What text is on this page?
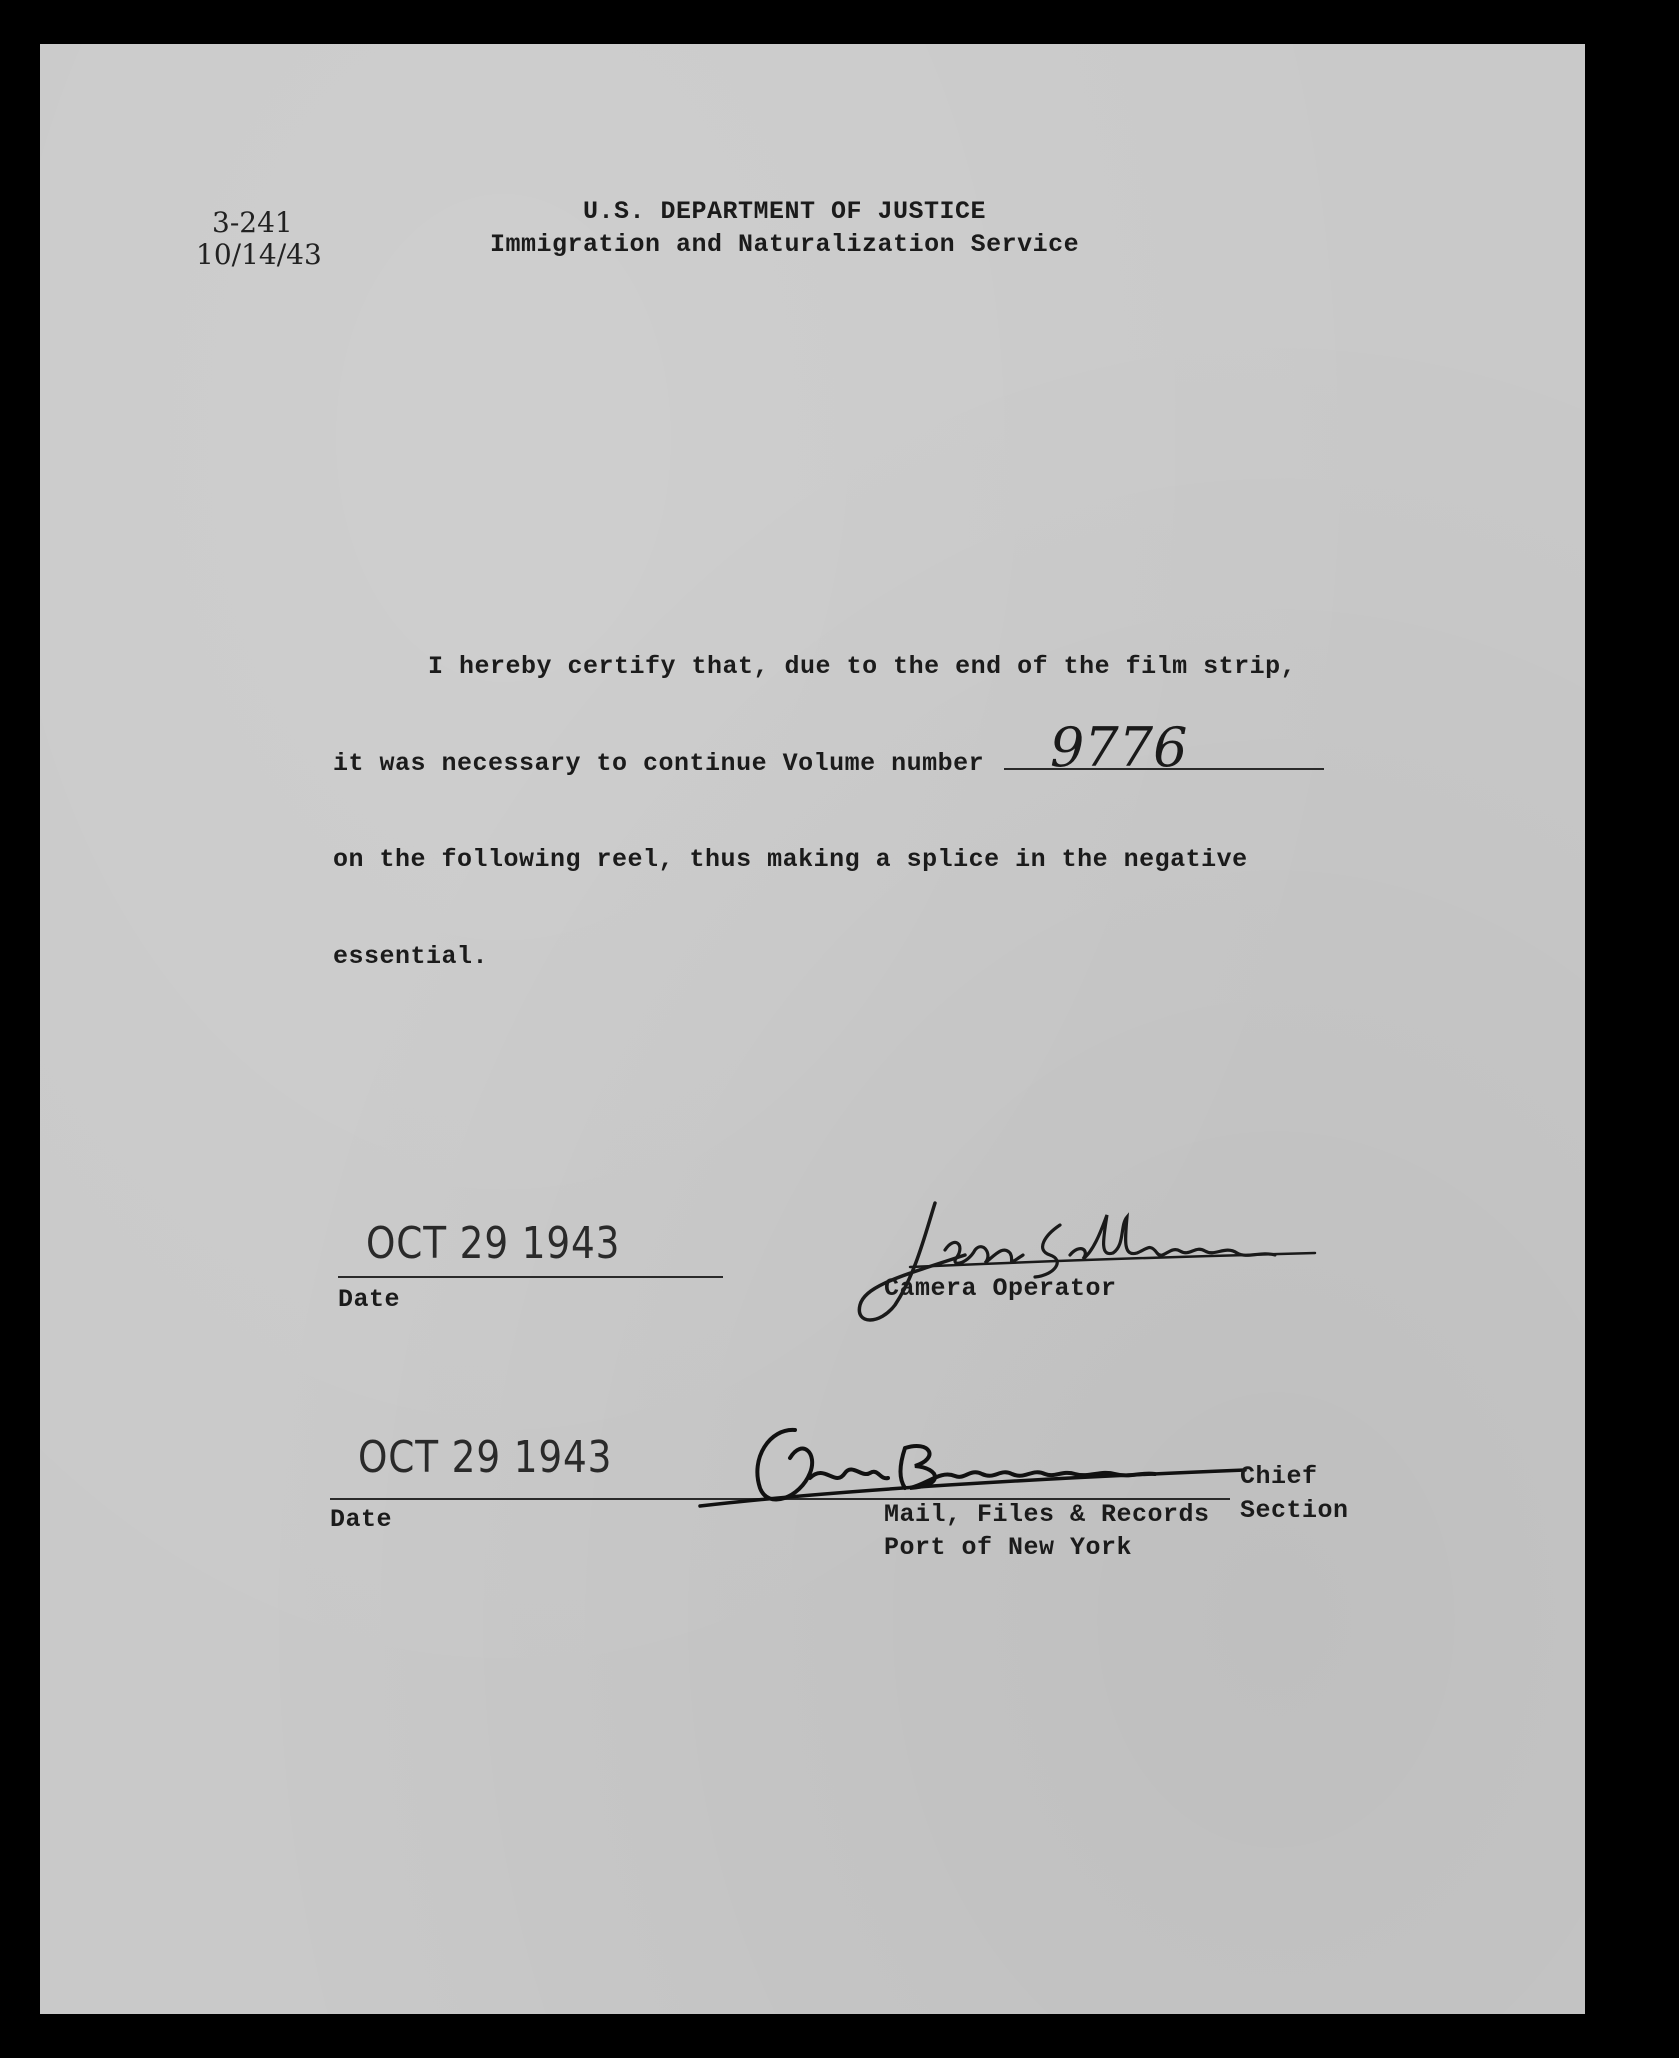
3-241
10/14/43
U.S. DEPARTMENT OF JUSTICE
Immigration and Naturalization Service
I hereby certify that, due to the end of the film strip,
it was necessary to continue Volume number 9776
on the following reel, thus making a splice in the negative
essential.
OCT 29 1943
Date	Camera Operator
OCT 29 1943
Date
Chief
Section
Mail, Files & Records
Port of New York
